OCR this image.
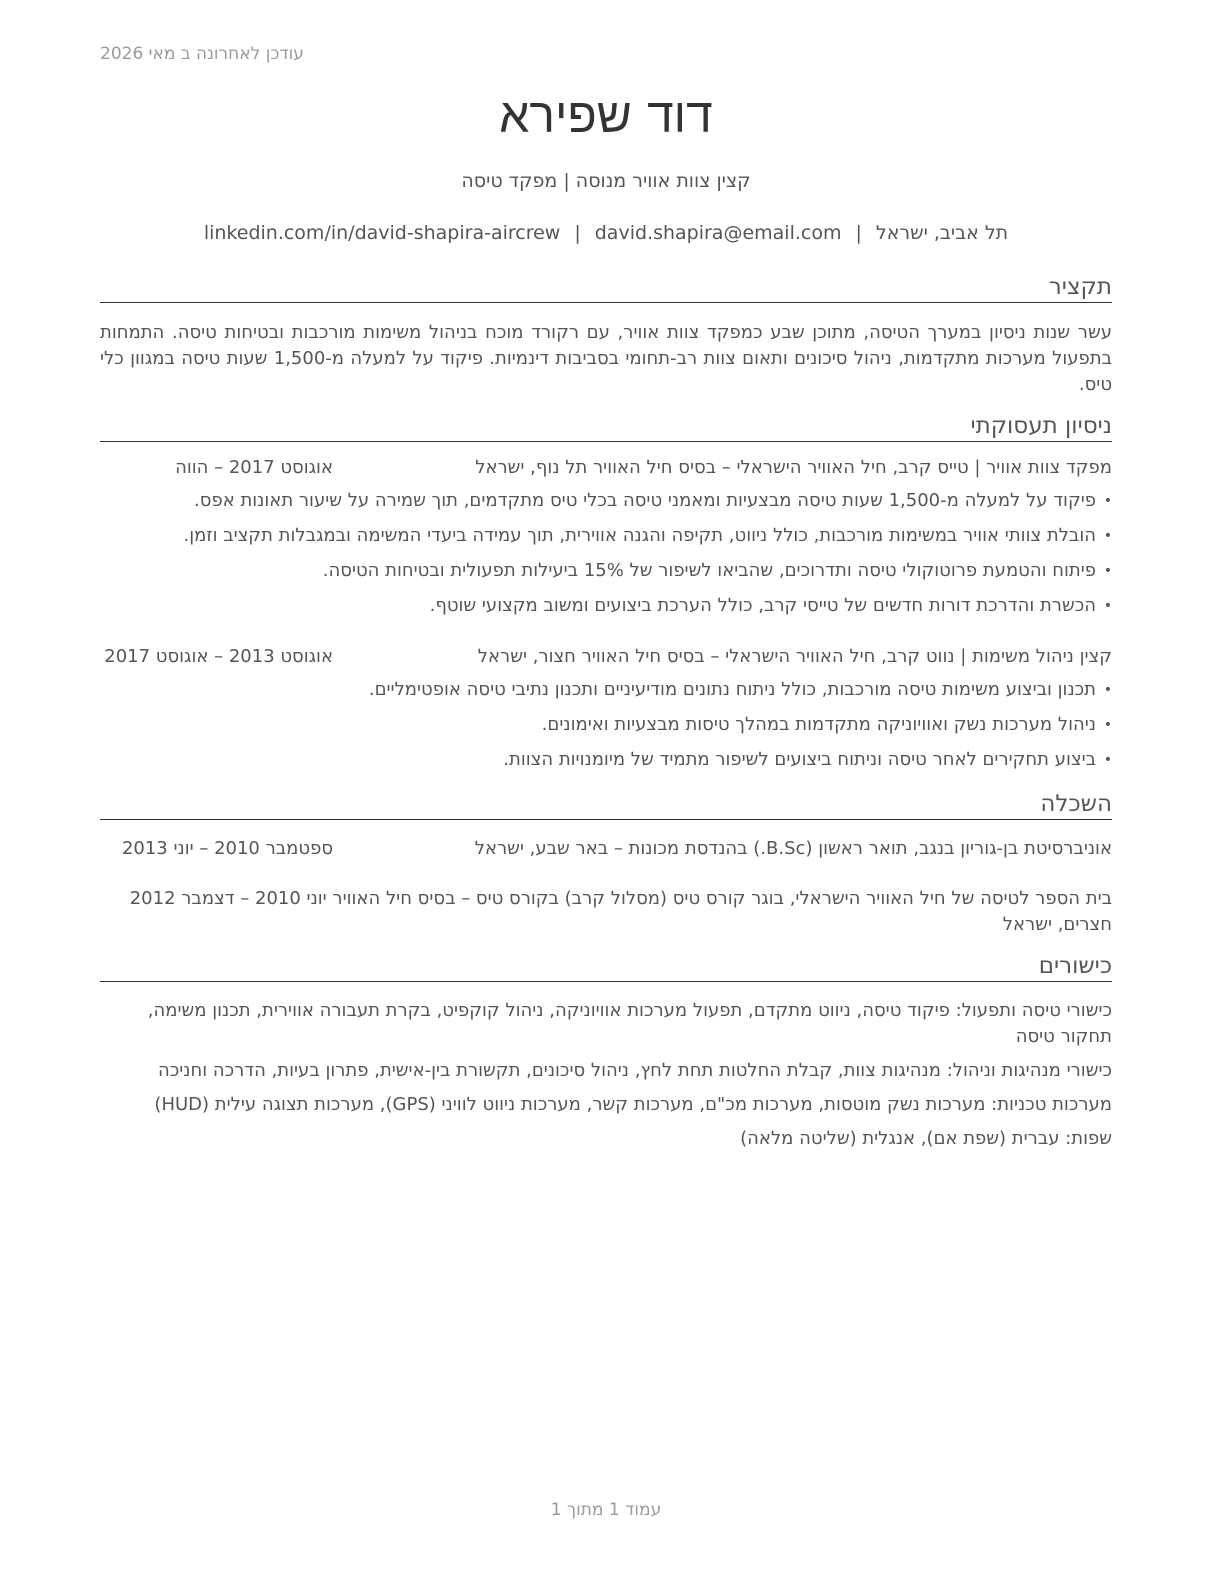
עודכן לאחרונה ב מאי 2026
דוד שפירא
קצין צוות אוויר מנוסה | מפקד טיסה
תל אביב, ישראל|david.shapira@email.com|linkedin.com/in/david-shapira-aircrew
תקציר
עשר שנות ניסיון במערך הטיסה, מתוכן שבע כמפקד צוות אוויר, עם רקורד מוכח בניהול משימות מורכבות ובטיחות טיסה. התמחות בתפעול מערכות מתקדמות, ניהול סיכונים ותאום צוות רב-תחומי בסביבות דינמיות. פיקוד על למעלה מ-1,500 שעות טיסה במגוון כלי טיס.
ניסיון תעסוקתי
מפקד צוות אוויר | טייס קרב, חיל האוויר הישראלי – בסיס חיל האוויר תל נוף, ישראל
אוגוסט 2017 – הווה
• פיקוד על למעלה מ-1,500 שעות טיסה מבצעיות ומאמני טיסה בכלי טיס מתקדמים, תוך שמירה על שיעור תאונות אפס.
• הובלת צוותי אוויר במשימות מורכבות, כולל ניווט, תקיפה והגנה אווירית, תוך עמידה ביעדי המשימה ובמגבלות תקציב וזמן.
• פיתוח והטמעת פרוטוקולי טיסה ותדרוכים, שהביאו לשיפור של 15% ביעילות תפעולית ובטיחות הטיסה.
• הכשרת והדרכת דורות חדשים של טייסי קרב, כולל הערכת ביצועים ומשוב מקצועי שוטף.
קצין ניהול משימות | נווט קרב, חיל האוויר הישראלי – בסיס חיל האוויר חצור, ישראל
אוגוסט 2013 – אוגוסט 2017
• תכנון וביצוע משימות טיסה מורכבות, כולל ניתוח נתונים מודיעיניים ותכנון נתיבי טיסה אופטימליים.
• ניהול מערכות נשק ואוויוניקה מתקדמות במהלך טיסות מבצעיות ואימונים.
• ביצוע תחקירים לאחר טיסה וניתוח ביצועים לשיפור מתמיד של מיומנויות הצוות.
השכלה
אוניברסיטת בן-גוריון בנגב, תואר ראשון (B.Sc.) בהנדסת מכונות – באר שבע, ישראל
ספטמבר 2010 – יוני 2013
בית הספר לטיסה של חיל האוויר הישראלי, בוגר קורס טיס (מסלול קרב) בקורס טיס – בסיס חיל האוויר יוני 2010 – דצמבר 2012 חצרים, ישראל
כישורים
כישורי טיסה ותפעול: פיקוד טיסה, ניווט מתקדם, תפעול מערכות אוויוניקה, ניהול קוקפיט, בקרת תעבורה אווירית, תכנון משימה, תחקור טיסה
כישורי מנהיגות וניהול: מנהיגות צוות, קבלת החלטות תחת לחץ, ניהול סיכונים, תקשורת בין-אישית, פתרון בעיות, הדרכה וחניכה
מערכות טכניות: מערכות נשק מוטסות, מערכות מכ"ם, מערכות קשר, מערכות ניווט לוויני (GPS), מערכות תצוגה עילית (HUD)
שפות: עברית (שפת אם), אנגלית (שליטה מלאה)
עמוד 1 מתוך 1
